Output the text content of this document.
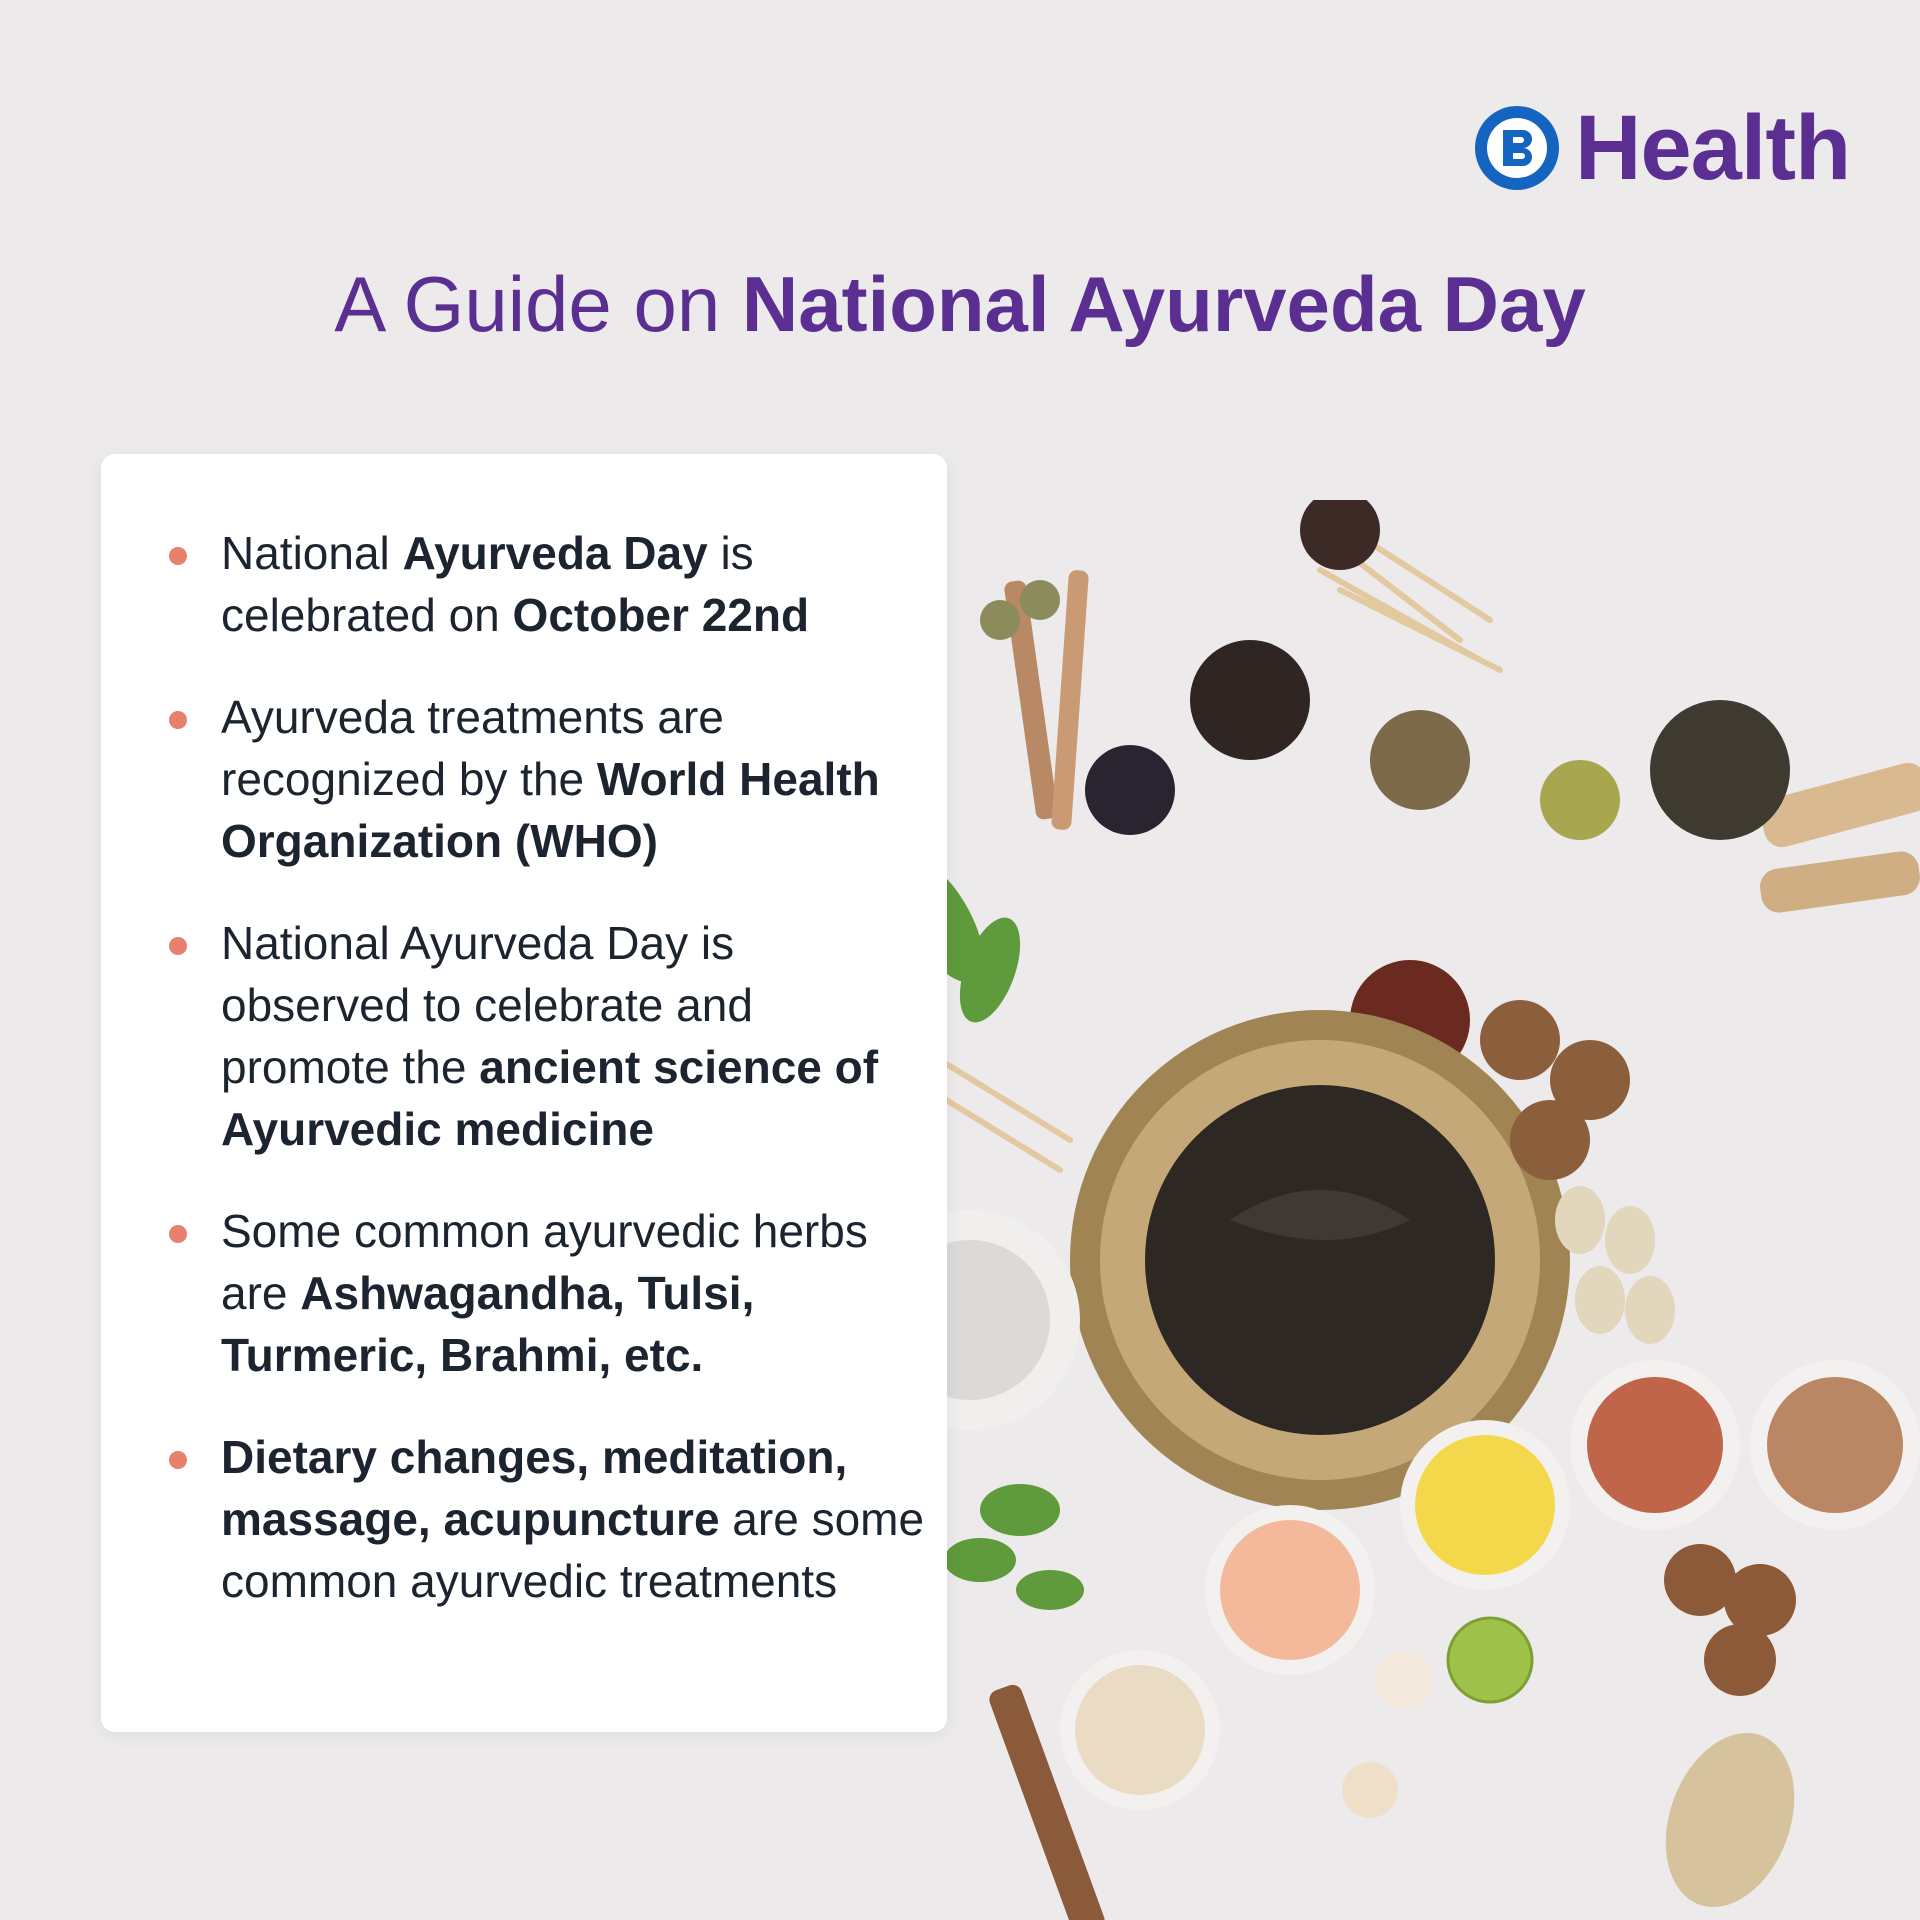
Health
A Guide on National Ayurveda Day
National Ayurveda Day is celebrated on October 22nd
Ayurveda treatments are recognized by the World Health Organization (WHO)
National Ayurveda Day is observed to celebrate and promote the ancient science of Ayurvedic medicine
Some common ayurvedic herbs are Ashwagandha, Tulsi, Turmeric, Brahmi, etc.
Dietary changes, meditation, massage, acupuncture are some common ayurvedic treatments
